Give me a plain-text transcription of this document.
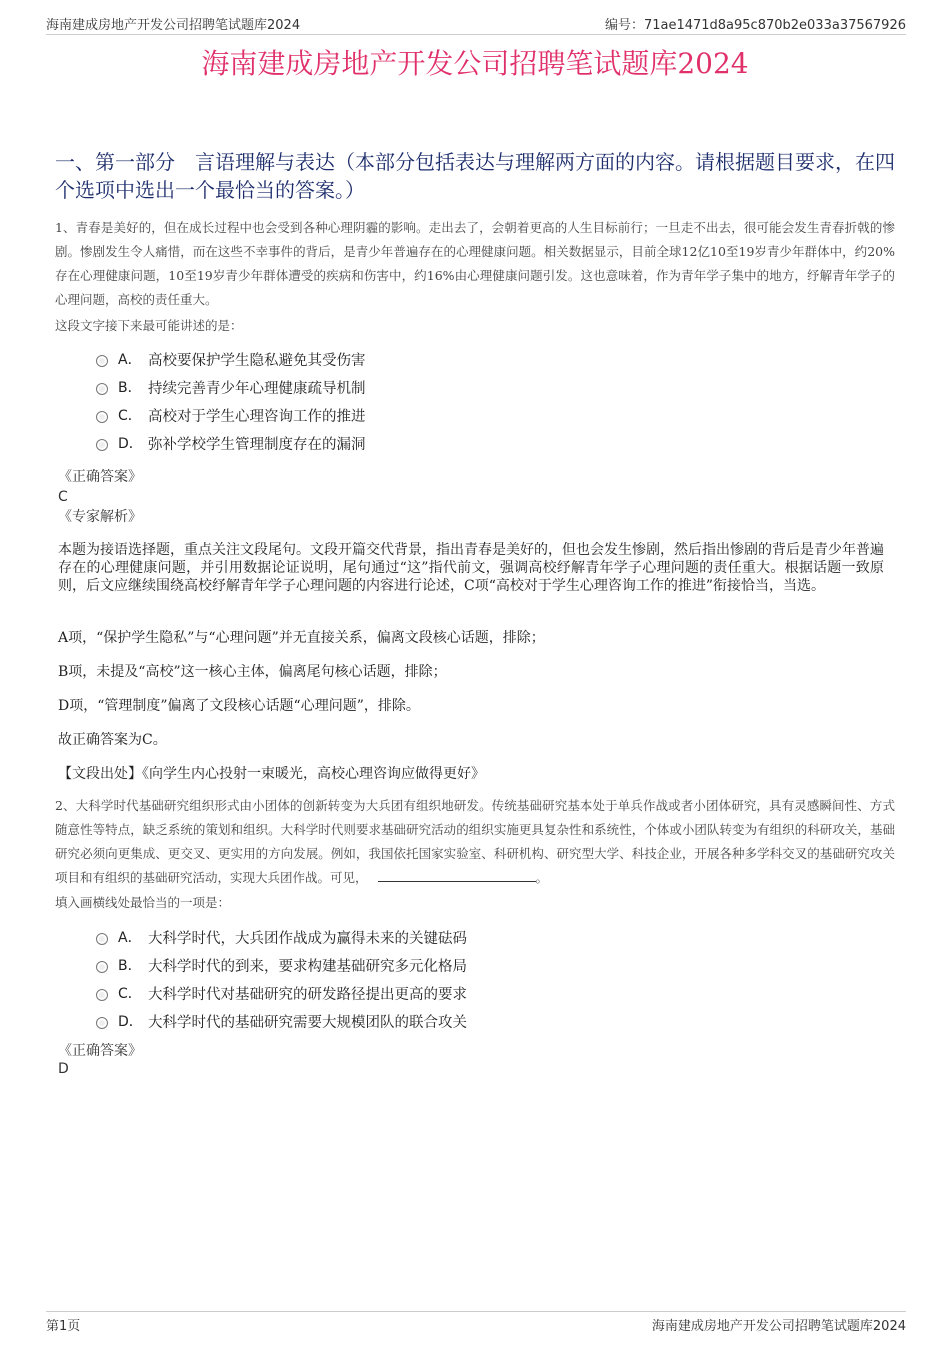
海南建成房地产开发公司招聘笔试题库2024	编号：71ae1471d8a95c870b2e033a37567926
海南建成房地产开发公司招聘笔试题库2024
一、第一部分　言语理解与表达（本部分包括表达与理解两方面的内容。请根据题目要求，在四个选项中选出一个最恰当的答案。）
1、青春是美好的，但在成长过程中也会受到各种心理阴霾的影响。走出去了，会朝着更高的人生目标前行；一旦走不出去，很可能会发生青春折戟的惨剧。惨剧发生令人痛惜，而在这些不幸事件的背后，是青少年普遍存在的心理健康问题。相关数据显示，目前全球12亿10至19岁青少年群体中，约20%存在心理健康问题，10至19岁青少年群体遭受的疾病和伤害中，约16%由心理健康问题引发。这也意味着，作为青年学子集中的地方，纾解青年学子的心理问题，高校的责任重大。
这段文字接下来最可能讲述的是：
A． 高校要保护学生隐私避免其受伤害
B． 持续完善青少年心理健康疏导机制
C． 高校对于学生心理咨询工作的推进
D． 弥补学校学生管理制度存在的漏洞
《正确答案》
C
《专家解析》
本题为接语选择题，重点关注文段尾句。文段开篇交代背景，指出青春是美好的，但也会发生惨剧，然后指出惨剧的背后是青少年普遍存在的心理健康问题，并引用数据论证说明，尾句通过“这”指代前文，强调高校纾解青年学子心理问题的责任重大。根据话题一致原则，后文应继续围绕高校纾解青年学子心理问题的内容进行论述，C项“高校对于学生心理咨询工作的推进”衔接恰当，当选。
A项，“保护学生隐私”与“心理问题”并无直接关系，偏离文段核心话题，排除；
B项，未提及“高校”这一核心主体，偏离尾句核心话题，排除；
D项，“管理制度”偏离了文段核心话题“心理问题”，排除。
故正确答案为C。
【文段出处】《向学生内心投射一束暖光，高校心理咨询应做得更好》
2、大科学时代基础研究组织形式由小团体的创新转变为大兵团有组织地研发。传统基础研究基本处于单兵作战或者小团体研究，具有灵感瞬间性、方式随意性等特点，缺乏系统的策划和组织。大科学时代则要求基础研究活动的组织实施更具复杂性和系统性，个体或小团队转变为有组织的科研攻关，基础研究必须向更集成、更交叉、更实用的方向发展。例如，我国依托国家实验室、科研机构、研究型大学、科技企业，开展各种多学科交叉的基础研究攻关项目和有组织的基础研究活动，实现大兵团作战。可见，	。
填入画横线处最恰当的一项是：
A． 大科学时代，大兵团作战成为赢得未来的关键砝码
B． 大科学时代的到来，要求构建基础研究多元化格局
C． 大科学时代对基础研究的研发路径提出更高的要求
D． 大科学时代的基础研究需要大规模团队的联合攻关
《正确答案》
D
第1页	海南建成房地产开发公司招聘笔试题库2024
